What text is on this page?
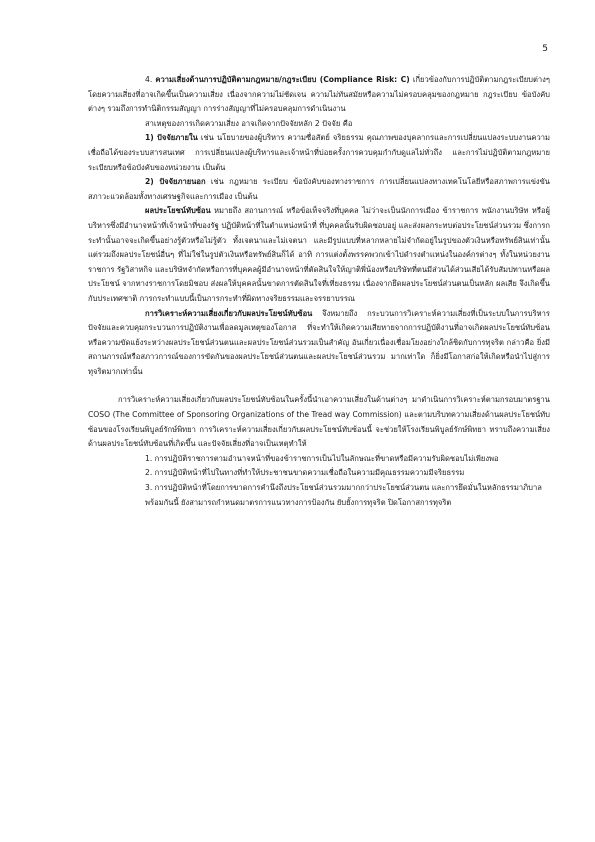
5

4. ความเสี่ยงด้านการปฏิบัติตามกฎหมาย/กฎระเบียบ (Compliance Risk: C) เกี่ยวข้องกับการปฏิบัติตามกฎระเบียบต่างๆ โดยความเสี่ยงที่อาจเกิดขึ้นเป็นความเสี่ยง เนื่องจากความไม่ชัดเจน ความไม่ทันสมัยหรือความไม่ครอบคลุมของกฎหมาย กฎระเบียบ ข้อบังคับต่างๆ รวมถึงการทำนิติกรรมสัญญา การร่างสัญญาที่ไม่ครอบคลุมการดำเนินงาน

สาเหตุของการเกิดความเสี่ยง อาจเกิดจากปัจจัยหลัก 2 ปัจจัย คือ

1) ปัจจัยภายใน เช่น นโยบายของผู้บริหาร ความซื่อสัตย์ จริยธรรม คุณภาพของบุคลากรและการเปลี่ยนแปลงระบบงานความเชื่อถือได้ของระบบสารสนเทศ การเปลี่ยนแปลงผู้บริหารและเจ้าหน้าที่บ่อยครั้งการควบคุมกำกับดูแลไม่ทั่วถึง และการไม่ปฏิบัติตามกฎหมาย ระเบียบหรือข้อบังคับของหน่วยงาน เป็นต้น

2) ปัจจัยภายนอก เช่น กฎหมาย ระเบียบ ข้อบังคับของทางราชการ การเปลี่ยนแปลงทางเทคโนโลยีหรือสภาพการแข่งขัน สภาวะแวดล้อมทั้งทางเศรษฐกิจและการเมือง เป็นต้น

ผลประโยชน์ทับซ้อน หมายถึง สถานการณ์ หรือข้อเท็จจริงที่บุคคล ไม่ว่าจะเป็นนักการเมือง ข้าราชการ พนักงานบริษัท หรือผู้บริหารซึ่งมีอำนาจหน้าที่เจ้าหน้าที่ของรัฐ ปฏิบัติหน้าที่ในตำแหน่งหน้าที่ ที่บุคคลนั้นรับผิดชอบอยู่ และส่งผลกระทบต่อประโยชน์ส่วนรวม ซึ่งการกระทำนั้นอาจจะเกิดขึ้นอย่างรู้ตัวหรือไม่รู้ตัว ทั้งเจตนาและไม่เจตนา และมีรูปแบบที่หลากหลายไม่จำกัดอยู่ในรูปของตัวเงินหรือทรัพย์สินเท่านั้น แต่รวมถึงผลประโยชน์อื่นๆ ที่ไม่ใช่ในรูปตัวเงินหรือทรัพย์สินก็ได้ อาทิ การแต่งตั้งพรรคพวกเข้าไปดำรงตำแหน่งในองค์กรต่างๆ ทั้งในหน่วยงานราชการ รัฐวิสาหกิจ และบริษัทจำกัดหรือการที่บุคคลผู้มีอำนาจหน้าที่ตัดสินใจให้ญาติพี่น้องหรือบริษัทที่ตนมีส่วนได้ส่วนเสียได้รับสัมปทานหรือผลประโยชน์ จากทางราชการโดยมิชอบ ส่งผลให้บุคคลนั้นขาดการตัดสินใจที่เที่ยงธรรม เนื่องจากยึดผลประโยชน์ส่วนตนเป็นหลัก ผลเสีย จึงเกิดขึ้นกับประเทศชาติ การกระทำแบบนี้เป็นการกระทำที่ผิดทางจริยธรรมและจรรยาบรรณ

การวิเคราะห์ความเสี่ยงเกี่ยวกับผลประโยชน์ทับซ้อน จึงหมายถึง กระบวนการวิเคราะห์ความเสี่ยงที่เป็นระบบในการบริหารปัจจัยและควบคุมกระบวนการปฏิบัติงานเพื่อลดมูลเหตุของโอกาส ที่จะทำให้เกิดความเสียหายจากการปฏิบัติงานที่อาจเกิดผลประโยชน์ทับซ้อน หรือความขัดแย้งระหว่างผลประโยชน์ส่วนตนและผลประโยชน์ส่วนรวมเป็นสำคัญ อันเกี่ยวเนื่องเชื่อมโยงอย่างใกล้ชิดกับการทุจริต กล่าวคือ ยิ่งมีสถานการณ์หรือสภาวการณ์ของการขัดกันของผลประโยชน์ส่วนตนและผลประโยชน์ส่วนรวม มากเท่าใด ก็ยิ่งมีโอกาสก่อให้เกิดหรือนำไปสู่การทุจริตมากเท่านั้น

การวิเคราะห์ความเสี่ยงเกี่ยวกับผลประโยชน์ทับซ้อนในครั้งนี้นำเอาความเสี่ยงในด้านต่างๆ มาดำเนินการวิเคราะห์ตามกรอบมาตรฐาน COSO (The Committee of Sponsoring Organizations of the Tread way Commission) และตามบริบทความเสี่ยงด้านผลประโยชน์ทับซ้อนของโรงเรียนพิบูลย์รักษ์พิทยา การวิเคราะห์ความเสี่ยงเกี่ยวกับผลประโยชน์ทับซ้อนนี้ จะช่วยให้โรงเรียนพิบูลย์รักษ์พิทยา ทราบถึงความเสี่ยงด้านผลประโยชน์ทับซ้อนที่เกิดขึ้น และปัจจัยเสี่ยงที่อาจเป็นเหตุทำให้

1. การปฏิบัติราชการตามอำนาจหน้าที่ของข้าราชการเป็นไปในลักษณะที่ขาดหรือมีความรับผิดชอบไม่เพียงพอ

2. การปฏิบัติหน้าที่ไปในทางที่ทำให้ประชาชนขาดความเชื่อถือในความมีคุณธรรมความมีจริยธรรม

3. การปฏิบัติหน้าที่โดยการขาดการคำนึงถึงประโยชน์ส่วนรวมมากกว่าประโยชน์ส่วนตน และการยึดมั่นในหลักธรรมาภิบาล

พร้อมกันนี้ ยังสามารถกำหนดมาตรการแนวทางการป้องกัน ยับยั้งการทุจริต ปิดโอกาสการทุจริต
